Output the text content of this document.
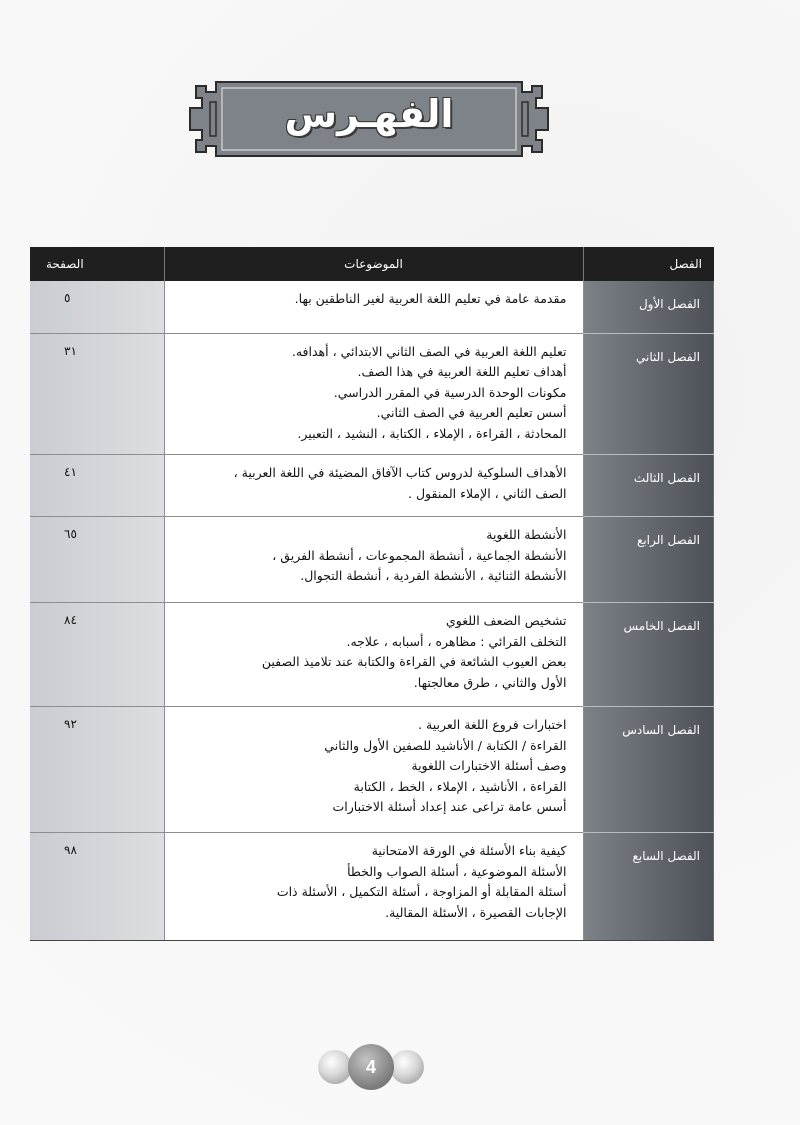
الفهـرس
الفصل	الموضوعات	الصفحة
الفصل الأول	مقدمة عامة في تعليم اللغة العربية لغير الناطقين بها.	٥
الفصل الثاني	تعليم اللغة العربية في الصف الثاني الابتدائي ، أهدافه.
أهداف تعليم اللغة العربية في هذا الصف.
مكونات الوحدة الدرسية في المقرر الدراسي.
أسس تعليم العربية في الصف الثاني.
المحادثة ، القراءة ، الإملاء ، الكتابة ، النشيد ، التعبير.	٣١
الفصل الثالث	الأهداف السلوكية لدروس كتاب الآفاق المضيئة في اللغة العربية ،
الصف الثاني ، الإملاء المنقول .	٤١
الفصل الرابع	الأنشطة اللغوية
الأنشطة الجماعية ، أنشطة المجموعات ، أنشطة الفريق ،
الأنشطة الثنائية ، الأنشطة الفردية ، أنشطة التجوال.	٦٥
الفصل الخامس	تشخيص الضعف اللغوي
التخلف القرائي : مظاهره ، أسبابه ، علاجه.
بعض العيوب الشائعة في القراءة والكتابة عند تلاميذ الصفين
الأول والثاني ، طرق معالجتها.	٨٤
الفصل السادس	اختبارات فروع اللغة العربية .
القراءة / الكتابة / الأناشيد للصفين الأول والثاني
وصف أسئلة الاختبارات اللغوية
القراءة ، الأناشيد ، الإملاء ، الخط ، الكتابة
أسس عامة تراعى عند إعداد أسئلة الاختبارات	٩٢
الفصل السابع	كيفية بناء الأسئلة في الورقة الامتحانية
الأسئلة الموضوعية ، أسئلة الصواب والخطأ
أسئلة المقابلة أو المزاوجة ، أسئلة التكميل ، الأسئلة ذات
الإجابات القصيرة ، الأسئلة المقالية.	٩٨
4
